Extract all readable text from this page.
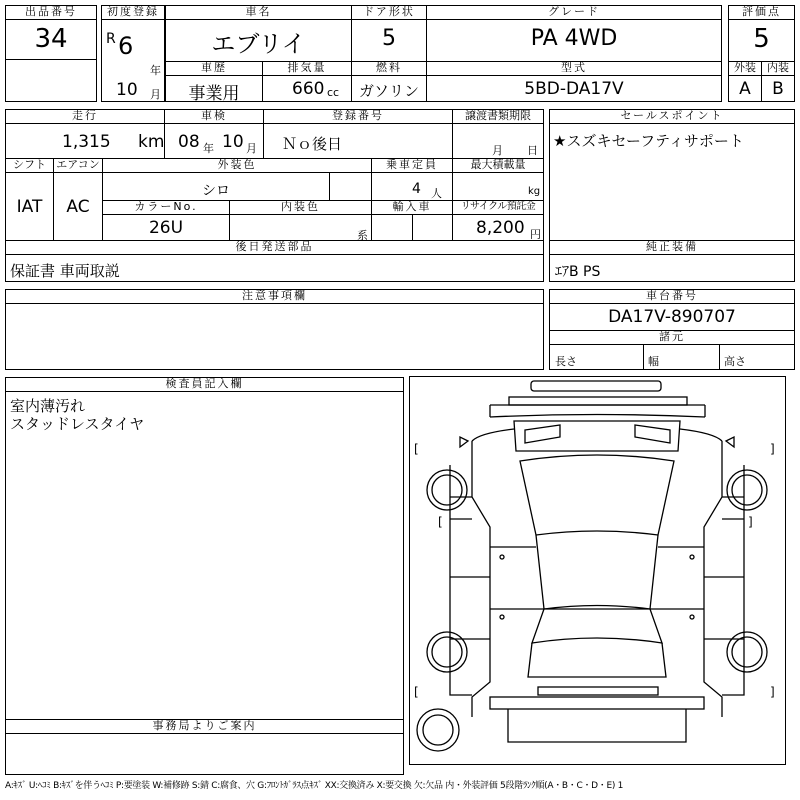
出品番号
34
初度登録
R 6
年
10 月
車名
エブリイ
ドア形状
5
グレード
PA 4WD
評価点
5
車歴
事業用
排気量
660 cc
燃料
ガソリン
型式
5BD-DA17V
外装
A
内装
B
走行
1,315 km
車検
08 年 10 月
登録番号
Ｎｏ後日
譲渡書類期限
月 日
セールスポイント
★スズキセーフティサポート
シフト
IAT
エアコン
AC
外装色
シロ
乗車定員
4 人
最大積載量
kg
カラーNo.
26U
内装色
系
輸入車	リサイクル預託金
8,200 円
後日発送部品
保証書 車両取説
純正装備
ｴｱB PS
注意事項欄	車台番号
DA17V-890707
諸元
長さ	幅	高さ
検査員記入欄
室内薄汚れ
スタッドレスタイヤ
事務局よりご案内
[	]
[	]
[	]
A:ｷｽﾞ U:ﾍｺﾐ B:ｷｽﾞを伴うﾍｺﾐ P:要塗装 W:補修跡 S:錆 C:腐食、穴 G:ﾌﾛﾝﾄｶﾞﾗｽ点ｷｽﾞ XX:交換済み X:要交換 欠:欠品 内・外装評価 5段階ﾗﾝｸ順(A・B・C・D・E) 1
